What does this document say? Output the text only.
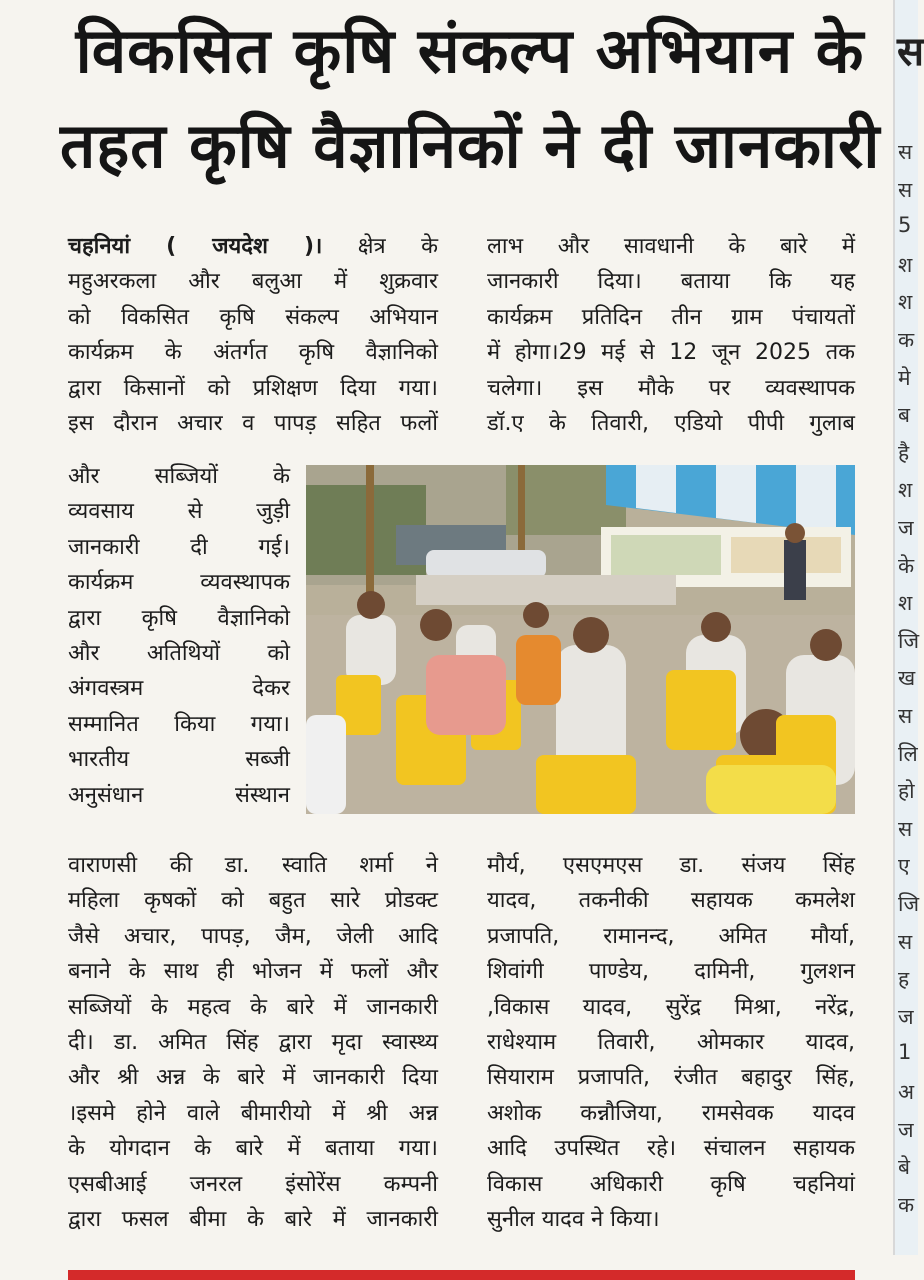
विकसित कृषि संकल्प अभियान के
तहत कृषि वैज्ञानिकों ने दी जानकारी
चहनियां ( जयदेश )। क्षेत्र के
महुअरकला और बलुआ में शुक्रवार
को विकसित कृषि संकल्प अभियान
कार्यक्रम के अंतर्गत कृषि वैज्ञानिको
द्वारा किसानों को प्रशिक्षण दिया गया।
इस दौरान अचार व पापड़ सहित फलों
और सब्जियों के
व्यवसाय से जुड़ी
जानकारी दी गई।
कार्यक्रम व्यवस्थापक
द्वारा कृषि वैज्ञानिको
और अतिथियों को
अंगवस्त्रम देकर
सम्मानित किया गया।
भारतीय सब्जी
अनुसंधान संस्थान
वाराणसी की डा. स्वाति शर्मा ने
महिला कृषकों को बहुत सारे प्रोडक्ट
जैसे अचार, पापड़, जैम, जेली आदि
बनाने के साथ ही भोजन में फलों और
सब्जियों के महत्व के बारे में जानकारी
दी। डा. अमित सिंह द्वारा मृदा स्वास्थ्य
और श्री अन्न के बारे में जानकारी दिया
।इसमे होने वाले बीमारीयो में श्री अन्न
के योगदान के बारे में बताया गया।
एसबीआई जनरल इंसोरेंस कम्पनी
द्वारा फसल बीमा के बारे में जानकारी
लाभ और सावधानी के बारे में
जानकारी दिया। बताया कि यह
कार्यक्रम प्रतिदिन तीन ग्राम पंचायतों
में होगा।29 मई से 12 जून 2025 तक
चलेगा। इस मौके पर व्यवस्थापक
डॉ.ए के तिवारी, एडियो पीपी गुलाब
मौर्य, एसएमएस डा. संजय सिंह
यादव, तकनीकी सहायक कमलेश
प्रजापति, रामानन्द, अमित मौर्या,
शिवांगी पाण्डेय, दामिनी, गुलशन
,विकास यादव, सुरेंद्र मिश्रा, नरेंद्र,
राधेश्याम तिवारी, ओमकार यादव,
सियाराम प्रजापति, रंजीत बहादुर सिंह,
अशोक कन्नौजिया, रामसेवक यादव
आदि उपस्थित रहे। संचालन सहायक
विकास अधिकारी कृषि चहनियां
सुनील यादव ने किया।
स
स
स
5
श
श
क
मे
ब
है
श
ज
के
श
जि
ख
स
लि
हो
स
ए
जि
स
ह
ज
1
अ
ज
बे
क
